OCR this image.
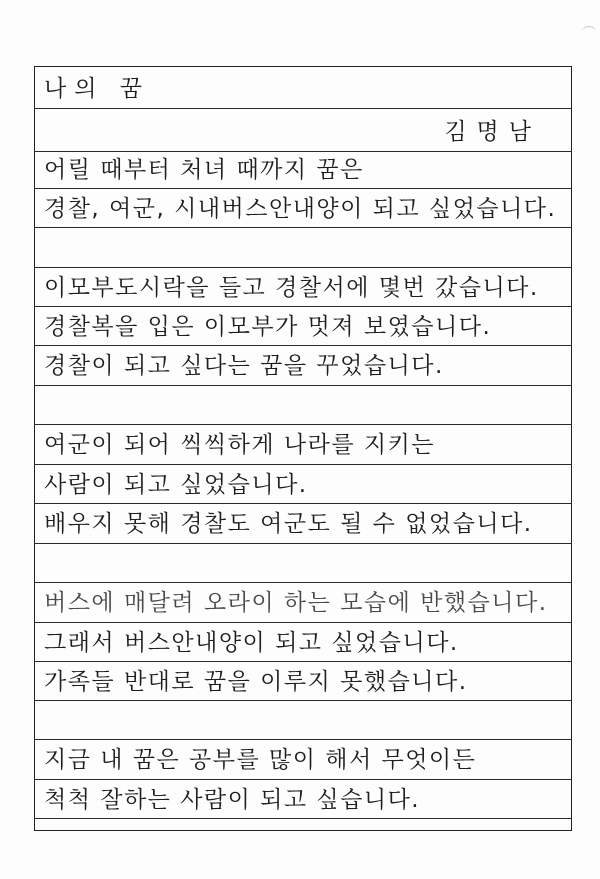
나의 꿈
김명남
어릴 때부터 처녀 때까지 꿈은
경찰, 여군, 시내버스안내양이 되고 싶었습니다.
이모부도시락을 들고 경찰서에 몇번 갔습니다.
경찰복을 입은 이모부가 멋져 보였습니다.
경찰이 되고 싶다는 꿈을 꾸었습니다.
여군이 되어 씩씩하게 나라를 지키는
사람이 되고 싶었습니다.
배우지 못해 경찰도 여군도 될 수 없었습니다.
버스에 매달려 오라이 하는 모습에 반했습니다.
그래서 버스안내양이 되고 싶었습니다.
가족들 반대로 꿈을 이루지 못했습니다.
지금 내 꿈은 공부를 많이 해서 무엇이든
척척 잘하는 사람이 되고 싶습니다.
